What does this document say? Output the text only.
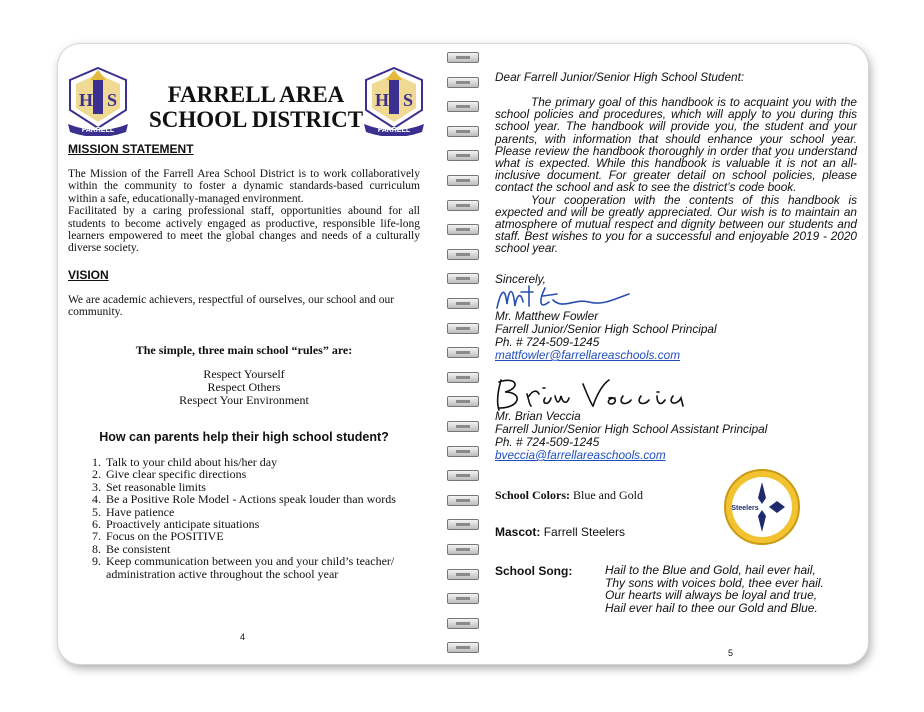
H S
FARRELL
FARRELL AREA
SCHOOL DISTRICT
H S
FARRELL
MISSION STATEMENT
The Mission of the Farrell Area School District is to work collaboratively within the community to foster a dynamic standards-based curriculum within a safe, educationally-managed environment.
Facilitated by a caring professional staff, opportunities abound for all students to become actively engaged as productive, responsible life-long learners empowered to meet the global changes and needs of a culturally diverse society.
VISION
We are academic achievers, respectful of ourselves, our school and our community.
The simple, three main school “rules” are:
Respect Yourself
Respect Others
Respect Your Environment
How can parents help their high school student?
1. Talk to your child about his/her day
2. Give clear specific directions
3. Set reasonable limits
4. Be a Positive Role Model - Actions speak louder than words
5. Have patience
6. Proactively anticipate situations
7. Focus on the POSITIVE
8. Be consistent
9. Keep communication between you and your child’s teacher/ administration active throughout the school year
4
Dear Farrell Junior/Senior High School Student:

The primary goal of this handbook is to acquaint you with the school policies and procedures, which will apply to you during this school year. The handbook will provide you, the student and your parents, with information that should enhance your school year. Please review the handbook thoroughly in order that you understand what is expected. While this handbook is valuable it is not an all-inclusive document. For greater detail on school policies, please contact the school and ask to see the district’s code book.

Your cooperation with the contents of this handbook is expected and will be greatly appreciated. Our wish is to maintain an atmosphere of mutual respect and dignity between our students and staff. Best wishes to you for a successful and enjoyable 2019 - 2020 school year.

Sincerely,
Mr. Matthew Fowler
Farrell Junior/Senior High School Principal
Ph. # 724-509-1245
mattfowler@farrellareaschools.com
Mr. Brian Veccia
Farrell Junior/Senior High School Assistant Principal
Ph. # 724-509-1245
bveccia@farrellareaschools.com
School Colors: Blue and Gold
Steelers
Mascot: Farrell Steelers
School Song:	Hail to the Blue and Gold, hail ever hail,
Thy sons with voices bold, thee ever hail.
Our hearts will always be loyal and true,
Hail ever hail to thee our Gold and Blue.
5
